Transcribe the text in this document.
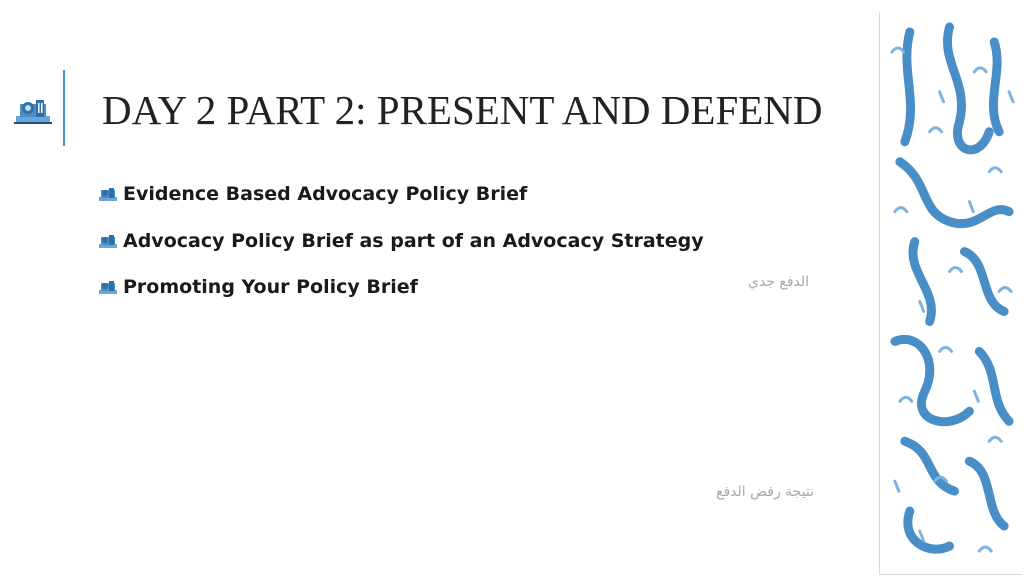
DAY 2 PART 2: PRESENT AND DEFEND
Evidence Based Advocacy Policy Brief
Advocacy Policy Brief as part of an Advocacy Strategy
Promoting Your Policy Brief	الدفع جدي
نتيجة رفض الدفع
